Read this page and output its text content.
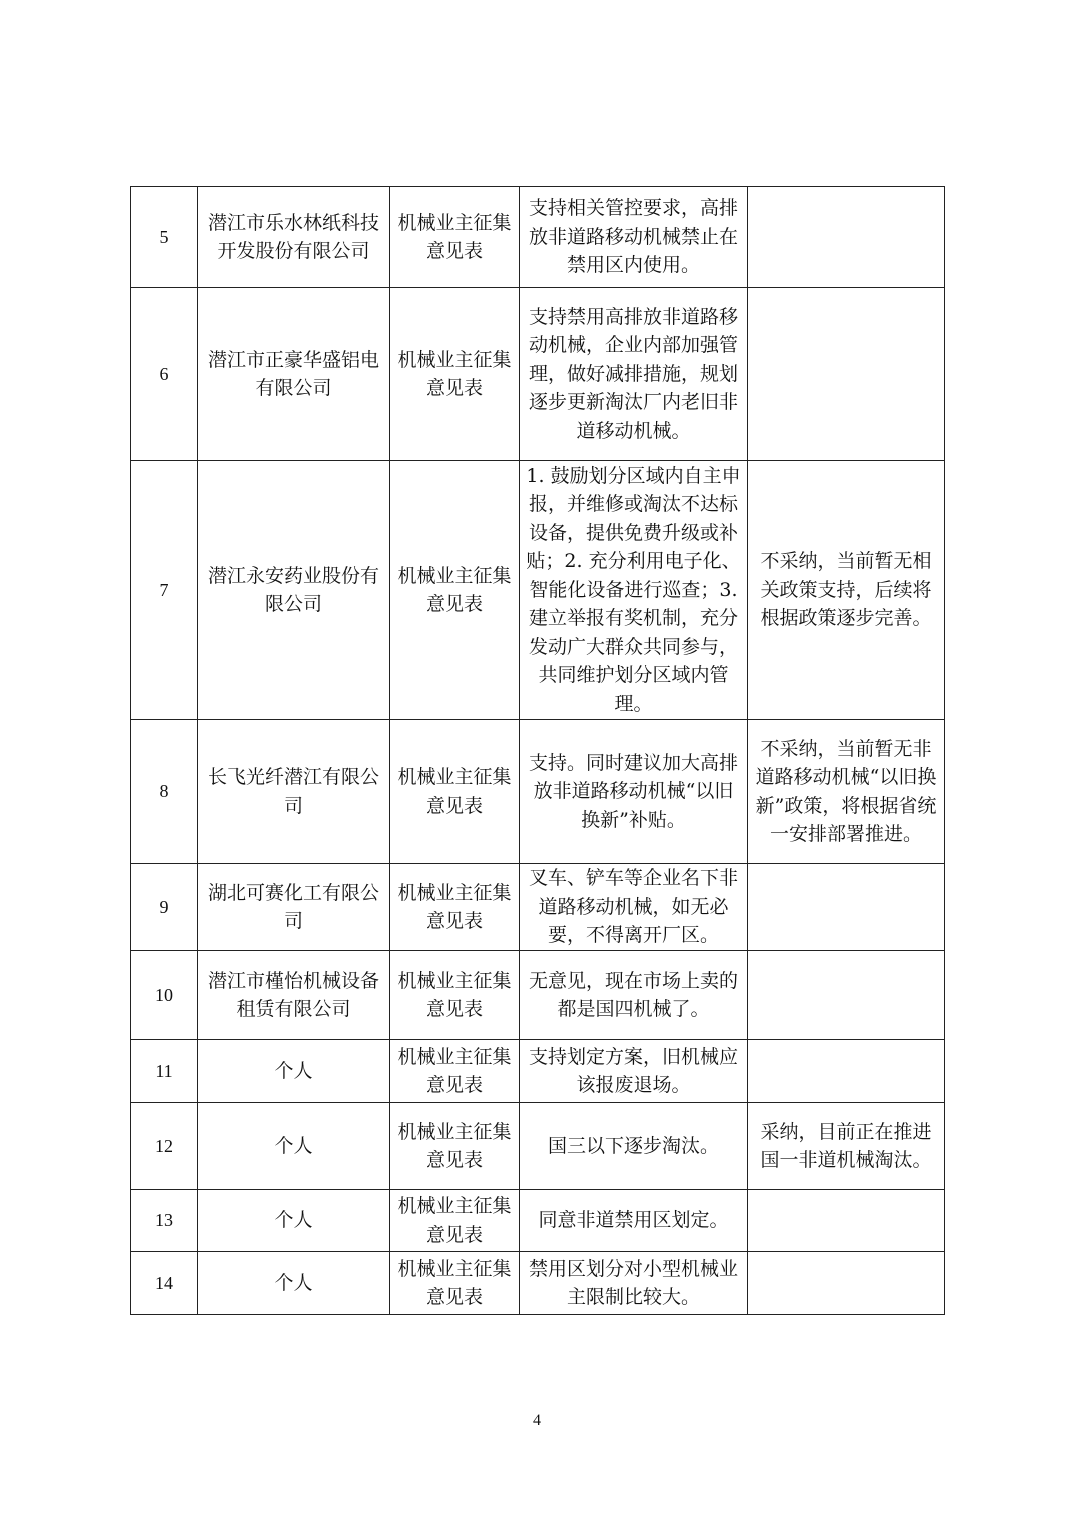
5	潜江市乐水林纸科技开发股份有限公司	机械业主征集意见表	支持相关管控要求，高排放非道路移动机械禁止在禁用区内使用。	
6	潜江市正豪华盛铝电有限公司	机械业主征集意见表	支持禁用高排放非道路移动机械，企业内部加强管理，做好减排措施，规划逐步更新淘汰厂内老旧非道移动机械。	
7	潜江永安药业股份有限公司	机械业主征集意见表	1. 鼓励划分区域内自主申报，并维修或淘汰不达标设备，提供免费升级或补贴；2. 充分利用电子化、智能化设备进行巡查；3. 建立举报有奖机制，充分发动广大群众共同参与，共同维护划分区域内管理。	不采纳，当前暂无相关政策支持，后续将根据政策逐步完善。
8	长飞光纤潜江有限公司	机械业主征集意见表	支持。同时建议加大高排放非道路移动机械“以旧换新”补贴。	不采纳，当前暂无非道路移动机械“以旧换新”政策，将根据省统一安排部署推进。
9	湖北可赛化工有限公司	机械业主征集意见表	叉车、铲车等企业名下非道路移动机械，如无必要，不得离开厂区。	
10	潜江市槿怡机械设备租赁有限公司	机械业主征集意见表	无意见，现在市场上卖的都是国四机械了。	
11	个人	机械业主征集意见表	支持划定方案，旧机械应该报废退场。	
12	个人	机械业主征集意见表	国三以下逐步淘汰。	采纳，目前正在推进国一非道机械淘汰。
13	个人	机械业主征集意见表	同意非道禁用区划定。	
14	个人	机械业主征集意见表	禁用区划分对小型机械业主限制比较大。	
4
